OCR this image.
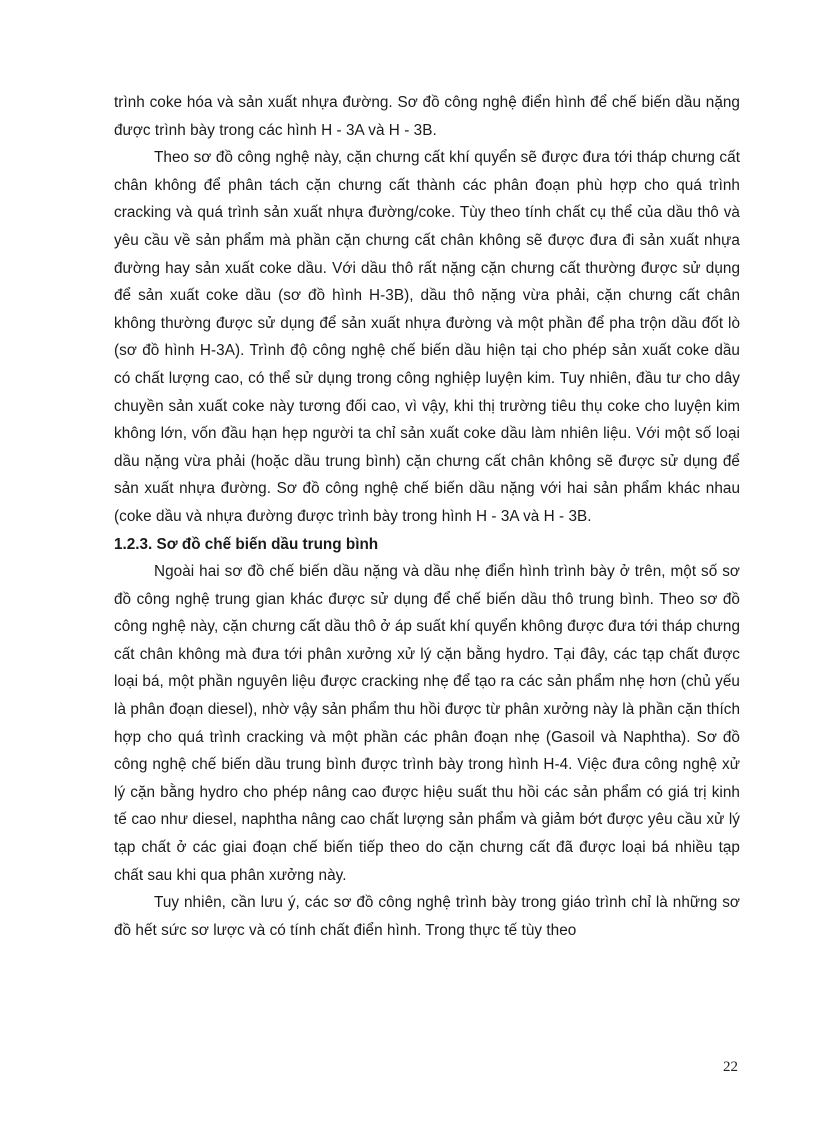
trình coke hóa và sản xuất nhựa đường. Sơ đồ công nghệ điển hình để chế biến dầu nặng được trình bày trong các hình H - 3A và H - 3B.

Theo sơ đồ công nghệ này, cặn chưng cất khí quyển sẽ được đưa tới tháp chưng cất chân không để phân tách cặn chưng cất thành các phân đoạn phù hợp cho quá trình cracking và quá trình sản xuất nhựa đường/coke. Tùy theo tính chất cụ thể của dầu thô và yêu cầu về sản phẩm mà phần cặn chưng cất chân không sẽ được đưa đi sản xuất nhựa đường hay sản xuất coke dầu. Với dầu thô rất nặng cặn chưng cất thường được sử dụng để sản xuất coke dầu (sơ đồ hình H-3B), dầu thô nặng vừa phải, cặn chưng cất chân không thường được sử dụng để sản xuất nhựa đường và một phần để pha trộn dầu đốt lò (sơ đồ hình H-3A). Trình độ công nghệ chế biến dầu hiện tại cho phép sản xuất coke dầu có chất lượng cao, có thể sử dụng trong công nghiệp luyện kim. Tuy nhiên, đầu tư cho dây chuyền sản xuất coke này tương đối cao, vì vậy, khi thị trường tiêu thụ coke cho luyện kim không lớn, vốn đầu hạn hẹp người ta chỉ sản xuất coke dầu làm nhiên liệu. Với một số loại dầu nặng vừa phải (hoặc dầu trung bình) cặn chưng cất chân không sẽ được sử dụng để sản xuất nhựa đường. Sơ đồ công nghệ chế biến dầu nặng với hai sản phẩm khác nhau (coke dầu và nhựa đường được trình bày trong hình H - 3A và H - 3B.

1.2.3. Sơ đồ chế biến dầu trung bình

Ngoài hai sơ đồ chế biến dầu nặng và dầu nhẹ điển hình trình bày ở trên, một số sơ đồ công nghệ trung gian khác được sử dụng để chế biến dầu thô trung bình. Theo sơ đồ công nghệ này, cặn chưng cất dầu thô ở áp suất khí quyển không được đưa tới tháp chưng cất chân không mà đưa tới phân xưởng xử lý cặn bằng hydro. Tại đây, các tạp chất được loại bá, một phần nguyên liệu được cracking nhẹ để tạo ra các sản phẩm nhẹ hơn (chủ yếu là phân đoạn diesel), nhờ vậy sản phẩm thu hồi được từ phân xưởng này là phần cặn thích hợp cho quá trình cracking và một phần các phân đoạn nhẹ (Gasoil và Naphtha). Sơ đồ công nghệ chế biến dầu trung bình được trình bày trong hình H-4. Việc đưa công nghệ xử lý cặn bằng hydro cho phép nâng cao được hiệu suất thu hồi các sản phẩm có giá trị kinh tế cao như diesel, naphtha nâng cao chất lượng sản phẩm và giảm bớt được yêu cầu xử lý tạp chất ở các giai đoạn chế biến tiếp theo do cặn chưng cất đã được loại bá nhiều tạp chất sau khi qua phân xưởng này.

Tuy nhiên, cần lưu ý, các sơ đồ công nghệ trình bày trong giáo trình chỉ là những sơ đồ hết sức sơ lược và có tính chất điển hình. Trong thực tế tùy theo

22
